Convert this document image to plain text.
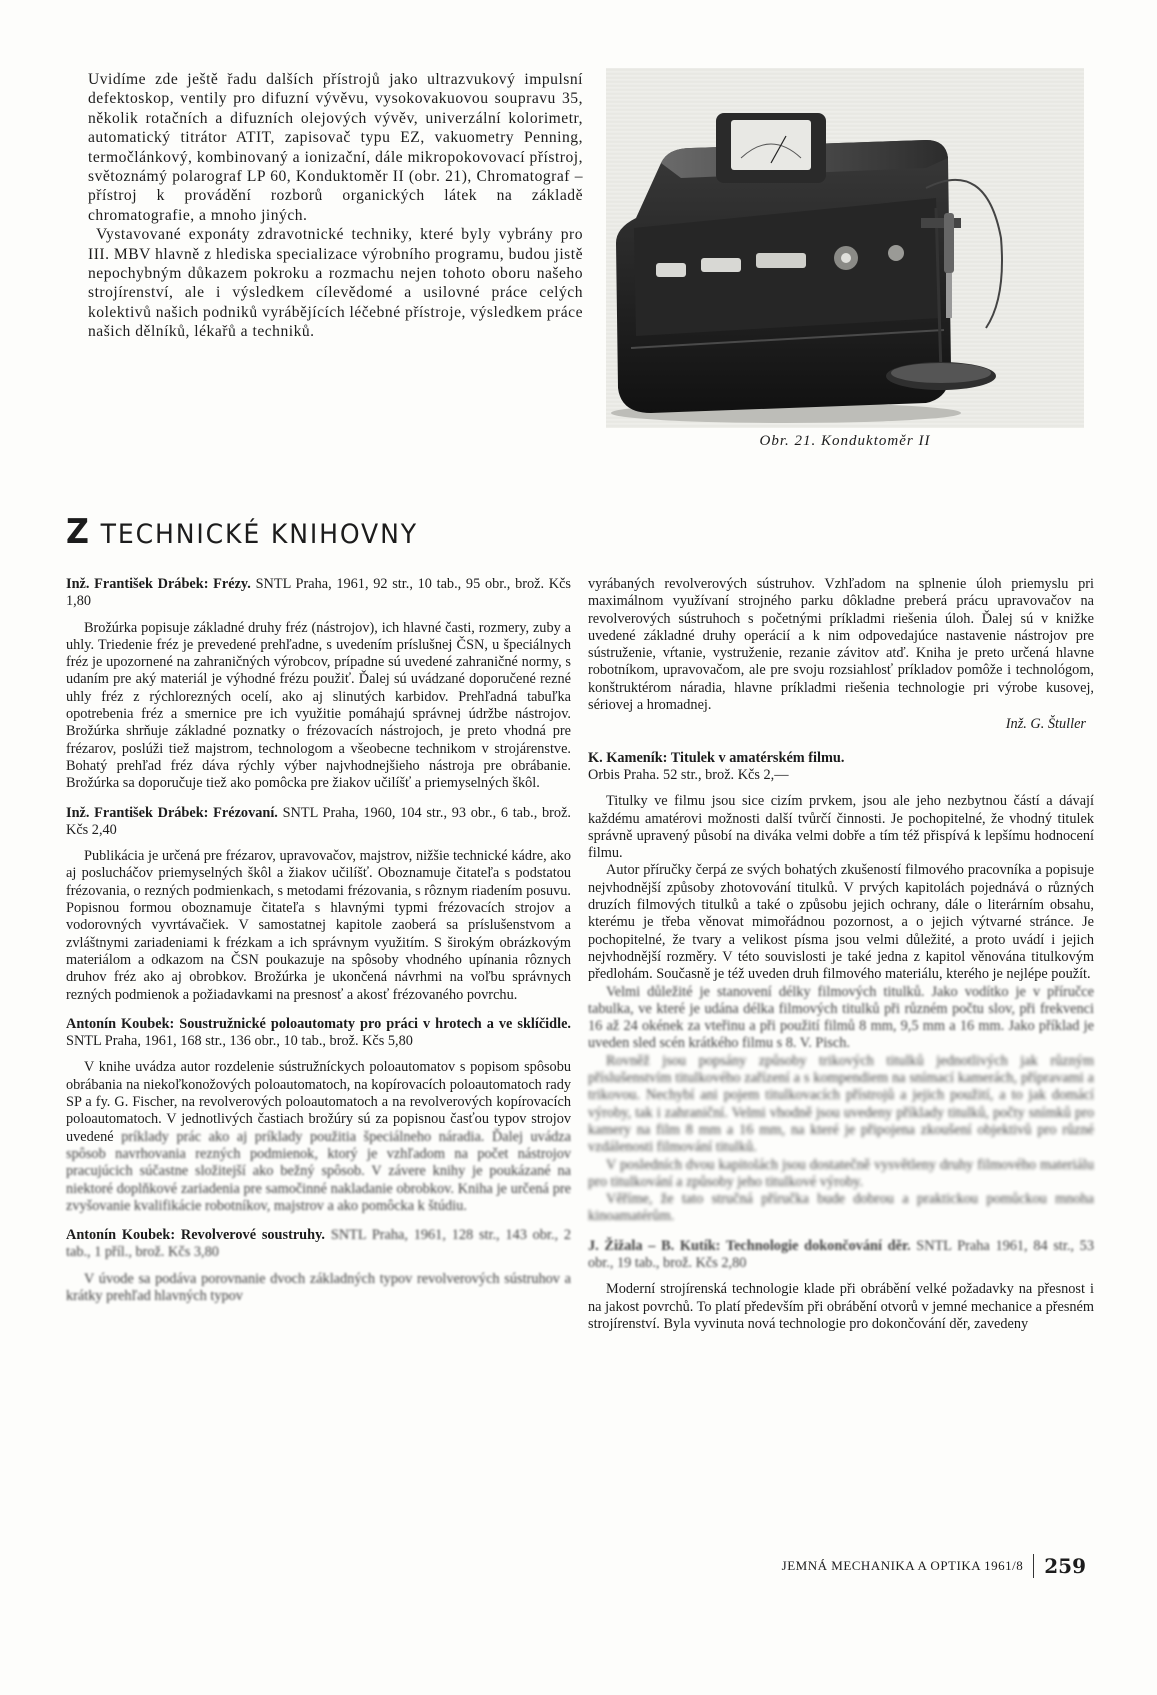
Uvidíme zde ještě řadu dalších přístrojů jako ultrazvukový impulsní defektoskop, ventily pro difuzní vývěvu, vysokovakuovou soupravu 35, několik rotačních a difuzních olejových vývěv, univerzální kolorimetr, automatický titrátor ATIT, zapisovač typu EZ, vakuometry Penning, termočlánkový, kombinovaný a ionizační, dále mikropokovovací přístroj, světoznámý polarograf LP 60, Konduktoměr II (obr. 21), Chromatograf – přístroj k provádění rozborů organických látek na základě chromatografie, a mnoho jiných.

Vystavované exponáty zdravotnické techniky, které byly vybrány pro III. MBV hlavně z hlediska specializace výrobního programu, budou jistě nepochybným důkazem pokroku a rozmachu nejen tohoto oboru našeho strojírenství, ale i výsledkem cílevědomé a usilovné práce celých kolektivů našich podniků vyrábějících léčebné přístroje, výsledkem práce našich dělníků, lékařů a techniků.

Obr. 21. Konduktoměr II
Z TECHNICKÉ KNIHOVNY
Inž. František Drábek: Frézy. SNTL Praha, 1961, 92 str., 10 tab., 95 obr., brož. Kčs 1,80
Brožúrka popisuje základné druhy fréz (nástrojov), ich hlavné časti, rozmery, zuby a uhly. Triedenie fréz je prevedené prehľadne, s uvedením príslušnej ČSN, u špeciálnych fréz je upozornené na zahraničných výrobcov, prípadne sú uvedené zahraničné normy, s udaním pre aký materiál je výhodné frézu použiť. Ďalej sú uvádzané doporučené rezné uhly fréz z rýchlorezných ocelí, ako aj slinutých karbidov. Prehľadná tabuľka opotrebenia fréz a smernice pre ich využitie pomáhajú správnej údržbe nástrojov. Brožúrka shrňuje základné poznatky o frézovacích nástrojoch, je preto vhodná pre frézarov, poslúži tiež majstrom, technologom a všeobecne technikom v strojárenstve. Bohatý prehľad fréz dáva rýchly výber najvhodnejšieho nástroja pre obrábanie. Brožúrka sa doporučuje tiež ako pomôcka pre žiakov učilíšť a priemyselných škôl.
Inž. František Drábek: Frézovaní. SNTL Praha, 1960, 104 str., 93 obr., 6 tab., brož. Kčs 2,40
Publikácia je určená pre frézarov, upravovačov, majstrov, nižšie technické kádre, ako aj poslucháčov priemyselných škôl a žiakov učilíšť. Oboznamuje čitateľa s podstatou frézovania, o rezných podmienkach, s metodami frézovania, s rôznym riadením posuvu. Popisnou formou oboznamuje čitateľa s hlavnými typmi frézovacích strojov a vodorovných vyvrtávačiek. V samostatnej kapitole zaoberá sa príslušenstvom a zvláštnymi zariadeniami k frézkam a ich správnym využitím. S širokým obrázkovým materiálom a odkazom na ČSN poukazuje na spôsoby vhodného upínania rôznych druhov fréz ako aj obrobkov. Brožúrka je ukončená návrhmi na voľbu správnych rezných podmienok a požiadavkami na presnosť a akosť frézovaného povrchu.
Antonín Koubek: Soustružnické poloautomaty pro práci v hrotech a ve sklíčidle. SNTL Praha, 1961, 168 str., 136 obr., 10 tab., brož. Kčs 5,80
V knihe uvádza autor rozdelenie sústružníckych poloautomatov s popisom spôsobu obrábania na niekoľkonožových poloautomatoch, na kopírovacích poloautomatoch rady SP a fy. G. Fischer, na revolverových poloautomatoch a na revolverových kopírovacích poloautomatoch. V jednotlivých častiach brožúry sú za popisnou časťou typov strojov uvedené príklady prác ako aj príklady použitia špeciálneho náradia. Ďalej uvádza spôsob navrhovania rezných podmienok, ktorý je vzhľadom na počet nástrojov pracujúcich súčastne složitejší ako bežný spôsob. V závere knihy je poukázané na niektoré doplňkové zariadenia pre samočinné nakladanie obrobkov. Kniha je určená pre zvyšovanie kvalifikácie robotníkov, majstrov a ako pomôcka k štúdiu.
Antonín Koubek: Revolverové soustruhy. SNTL Praha, 1961, 128 str., 143 obr., 2 tab., 1 příl., brož. Kčs 3,80
V úvode sa podáva porovnanie dvoch základných typov revolverových sústruhov a krátky prehľad hlavných typov
vyrábaných revolverových sústruhov. Vzhľadom na splnenie úloh priemyslu pri maximálnom využívaní strojného parku dôkladne preberá prácu upravovačov na revolverových sústruhoch s početnými príkladmi riešenia úloh. Ďalej sú v knižke uvedené základné druhy operácií a k nim odpovedajúce nastavenie nástrojov pre sústruženie, vŕtanie, vystruženie, rezanie závitov atď. Kniha je preto určená hlavne robotníkom, upravovačom, ale pre svoju rozsiahlosť príkladov pomôže i technológom, konštruktérom náradia, hlavne príkladmi riešenia technologie pri výrobe kusovej, sériovej a hromadnej.
Inž. G. Štuller
K. Kameník: Titulek v amatérském filmu.
Orbis Praha. 52 str., brož. Kčs 2,—
Titulky ve filmu jsou sice cizím prvkem, jsou ale jeho nezbytnou částí a dávají každému amatérovi možnosti další tvůrčí činnosti. Je pochopitelné, že vhodný titulek správně upravený působí na diváka velmi dobře a tím též přispívá k lepšímu hodnocení filmu.
Autor příručky čerpá ze svých bohatých zkušeností filmového pracovníka a popisuje nejvhodnější způsoby zhotovování titulků. V prvých kapitolách pojednává o různých druzích filmových titulků a také o způsobu jejich ochrany, dále o literárním obsahu, kterému je třeba věnovat mimořádnou pozornost, a o jejich výtvarné stránce. Je pochopitelné, že tvary a velikost písma jsou velmi důležité, a proto uvádí i jejich nejvhodnější rozměry. V této souvislosti je také jedna z kapitol věnována titulkovým předlohám. Současně je též uveden druh filmového materiálu, kterého je nejlépe použít.
Velmi důležité je stanovení délky filmových titulků. Jako vodítko je v příručce tabulka, ve které je udána délka filmových titulků při různém počtu slov, při frekvenci 16 až 24 okének za vteřinu a při použití filmů 8 mm, 9,5 mm a 16 mm. Jako příklad je uveden sled scén krátkého filmu s 8. V. Pisch.
Rovněž jsou popsány způsoby trikových titulků jednotlivých jak různým příslušenstvím titulkového zařízení a s kompendiem na snímací kamerách, přípravami a trikovou. Nechybí ani pojem titulkovacích přístrojů a jejich použití, a to jak domácí výroby, tak i zahraniční. Velmi vhodně jsou uvedeny příklady titulků, počty snímků pro kamery na film 8 mm a 16 mm, na které je připojena zkoušení objektivů pro různé vzdálenosti filmování titulků.
V posledních dvou kapitolách jsou dostatečně vysvětleny druhy filmového materiálu pro titulkování a způsoby jeho titulkové výroby.
Věříme, že tato stručná příručka bude dobrou a praktickou pomůckou mnoha kinoamatérům.
J. Žižala – B. Kutík: Technologie dokončování děr. SNTL Praha 1961, 84 str., 53 obr., 19 tab., brož. Kčs 2,80
Moderní strojírenská technologie klade při obrábění velké požadavky na přesnost i na jakost povrchů. To platí především při obrábění otvorů v jemné mechanice a přesném strojírenství. Byla vyvinuta nová technologie pro dokončování děr, zavedeny
JEMNÁ MECHANIKA A OPTIKA 1961/8 259
